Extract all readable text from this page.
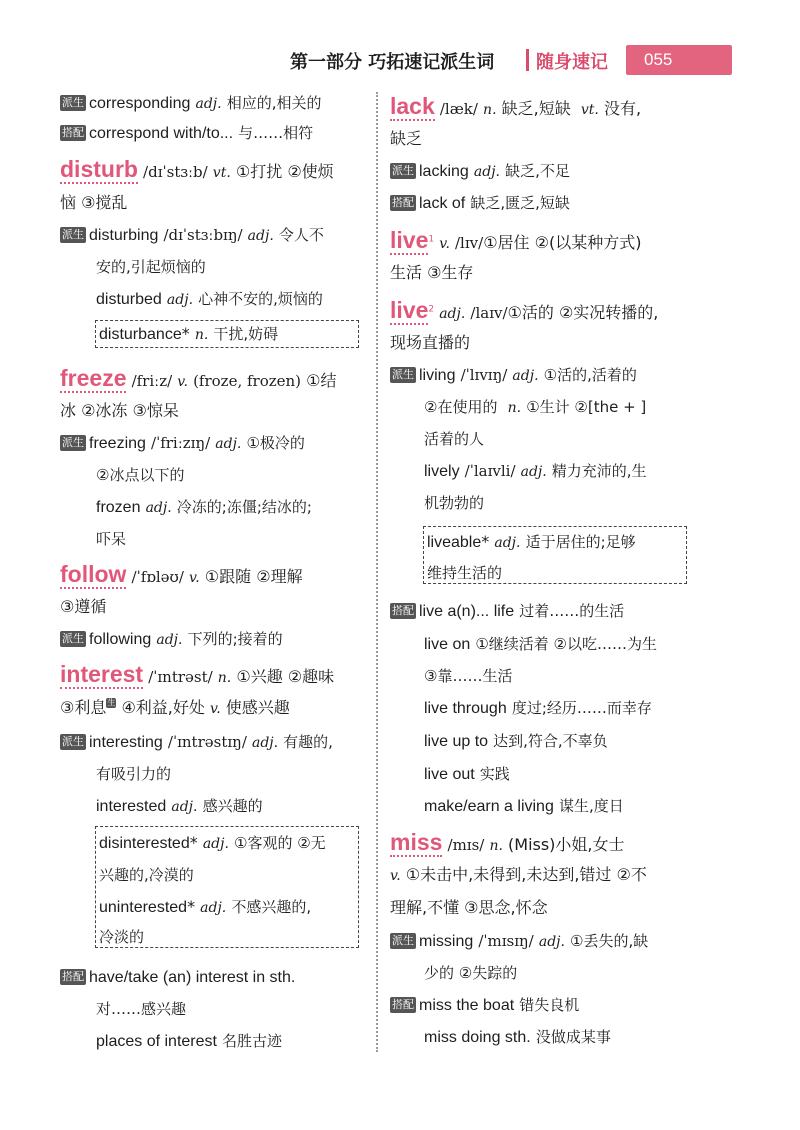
第一部分 巧拓速记派生词 随身速记 055
派生 corresponding adj. 相应的,相关的
搭配 correspond with/to... 与……相符
disturb /dɪˈstɜːb/ vt. ①打扰 ②使烦
恼 ③搅乱
派生 disturbing /dɪˈstɜːbɪŋ/ adj. 令人不
安的,引起烦恼的
disturbed adj. 心神不安的,烦恼的
disturbance* n. 干扰,妨碍
freeze /friːz/ v. (froze, frozen) ①结
冰 ②冰冻 ③惊呆
派生 freezing /ˈfriːzɪŋ/ adj. ①极冷的
②冰点以下的
frozen adj. 冷冻的;冻僵;结冰的;
吓呆
follow /ˈfɒləʊ/ v. ①跟随 ②理解
③遵循
派生 following adj. 下列的;接着的
interest /ˈɪntrəst/ n. ①兴趣 ②趣味
③利息生 ④利益,好处 v. 使感兴趣
派生 interesting /ˈɪntrəstɪŋ/ adj. 有趣的,
有吸引力的
interested adj. 感兴趣的
disinterested* adj. ①客观的 ②无
兴趣的,冷漠的
uninterested* adj. 不感兴趣的,
冷淡的
搭配 have/take (an) interest in sth.
对……感兴趣
places of interest 名胜古迹
lack /læk/ n. 缺乏,短缺 vt. 没有,
缺乏
派生 lacking adj. 缺乏,不足
搭配 lack of 缺乏,匮乏,短缺
live$^1$ v. /lɪv/①居住 ②(以某种方式)
生活 ③生存
live$^2$ adj. /laɪv/①活的 ②实况转播的,
现场直播的
派生 living /ˈlɪvɪŋ/ adj. ①活的,活着的
②在使用的 n. ①生计 ②[the + ]
活着的人
lively /ˈlaɪvli/ adj. 精力充沛的,生
机勃勃的
liveable* adj. 适于居住的;足够
维持生活的
搭配 live a(n)... life 过着……的生活
live on ①继续活着 ②以吃……为生
③靠……生活
live through 度过;经历……而幸存
live up to 达到,符合,不辜负
live out 实践
make/earn a living 谋生,度日
miss /mɪs/ n. (Miss)小姐,女士
v. ①未击中,未得到,未达到,错过 ②不
理解,不懂 ③思念,怀念
派生 missing /ˈmɪsɪŋ/ adj. ①丢失的,缺
少的 ②失踪的
搭配 miss the boat 错失良机
miss doing sth. 没做成某事
